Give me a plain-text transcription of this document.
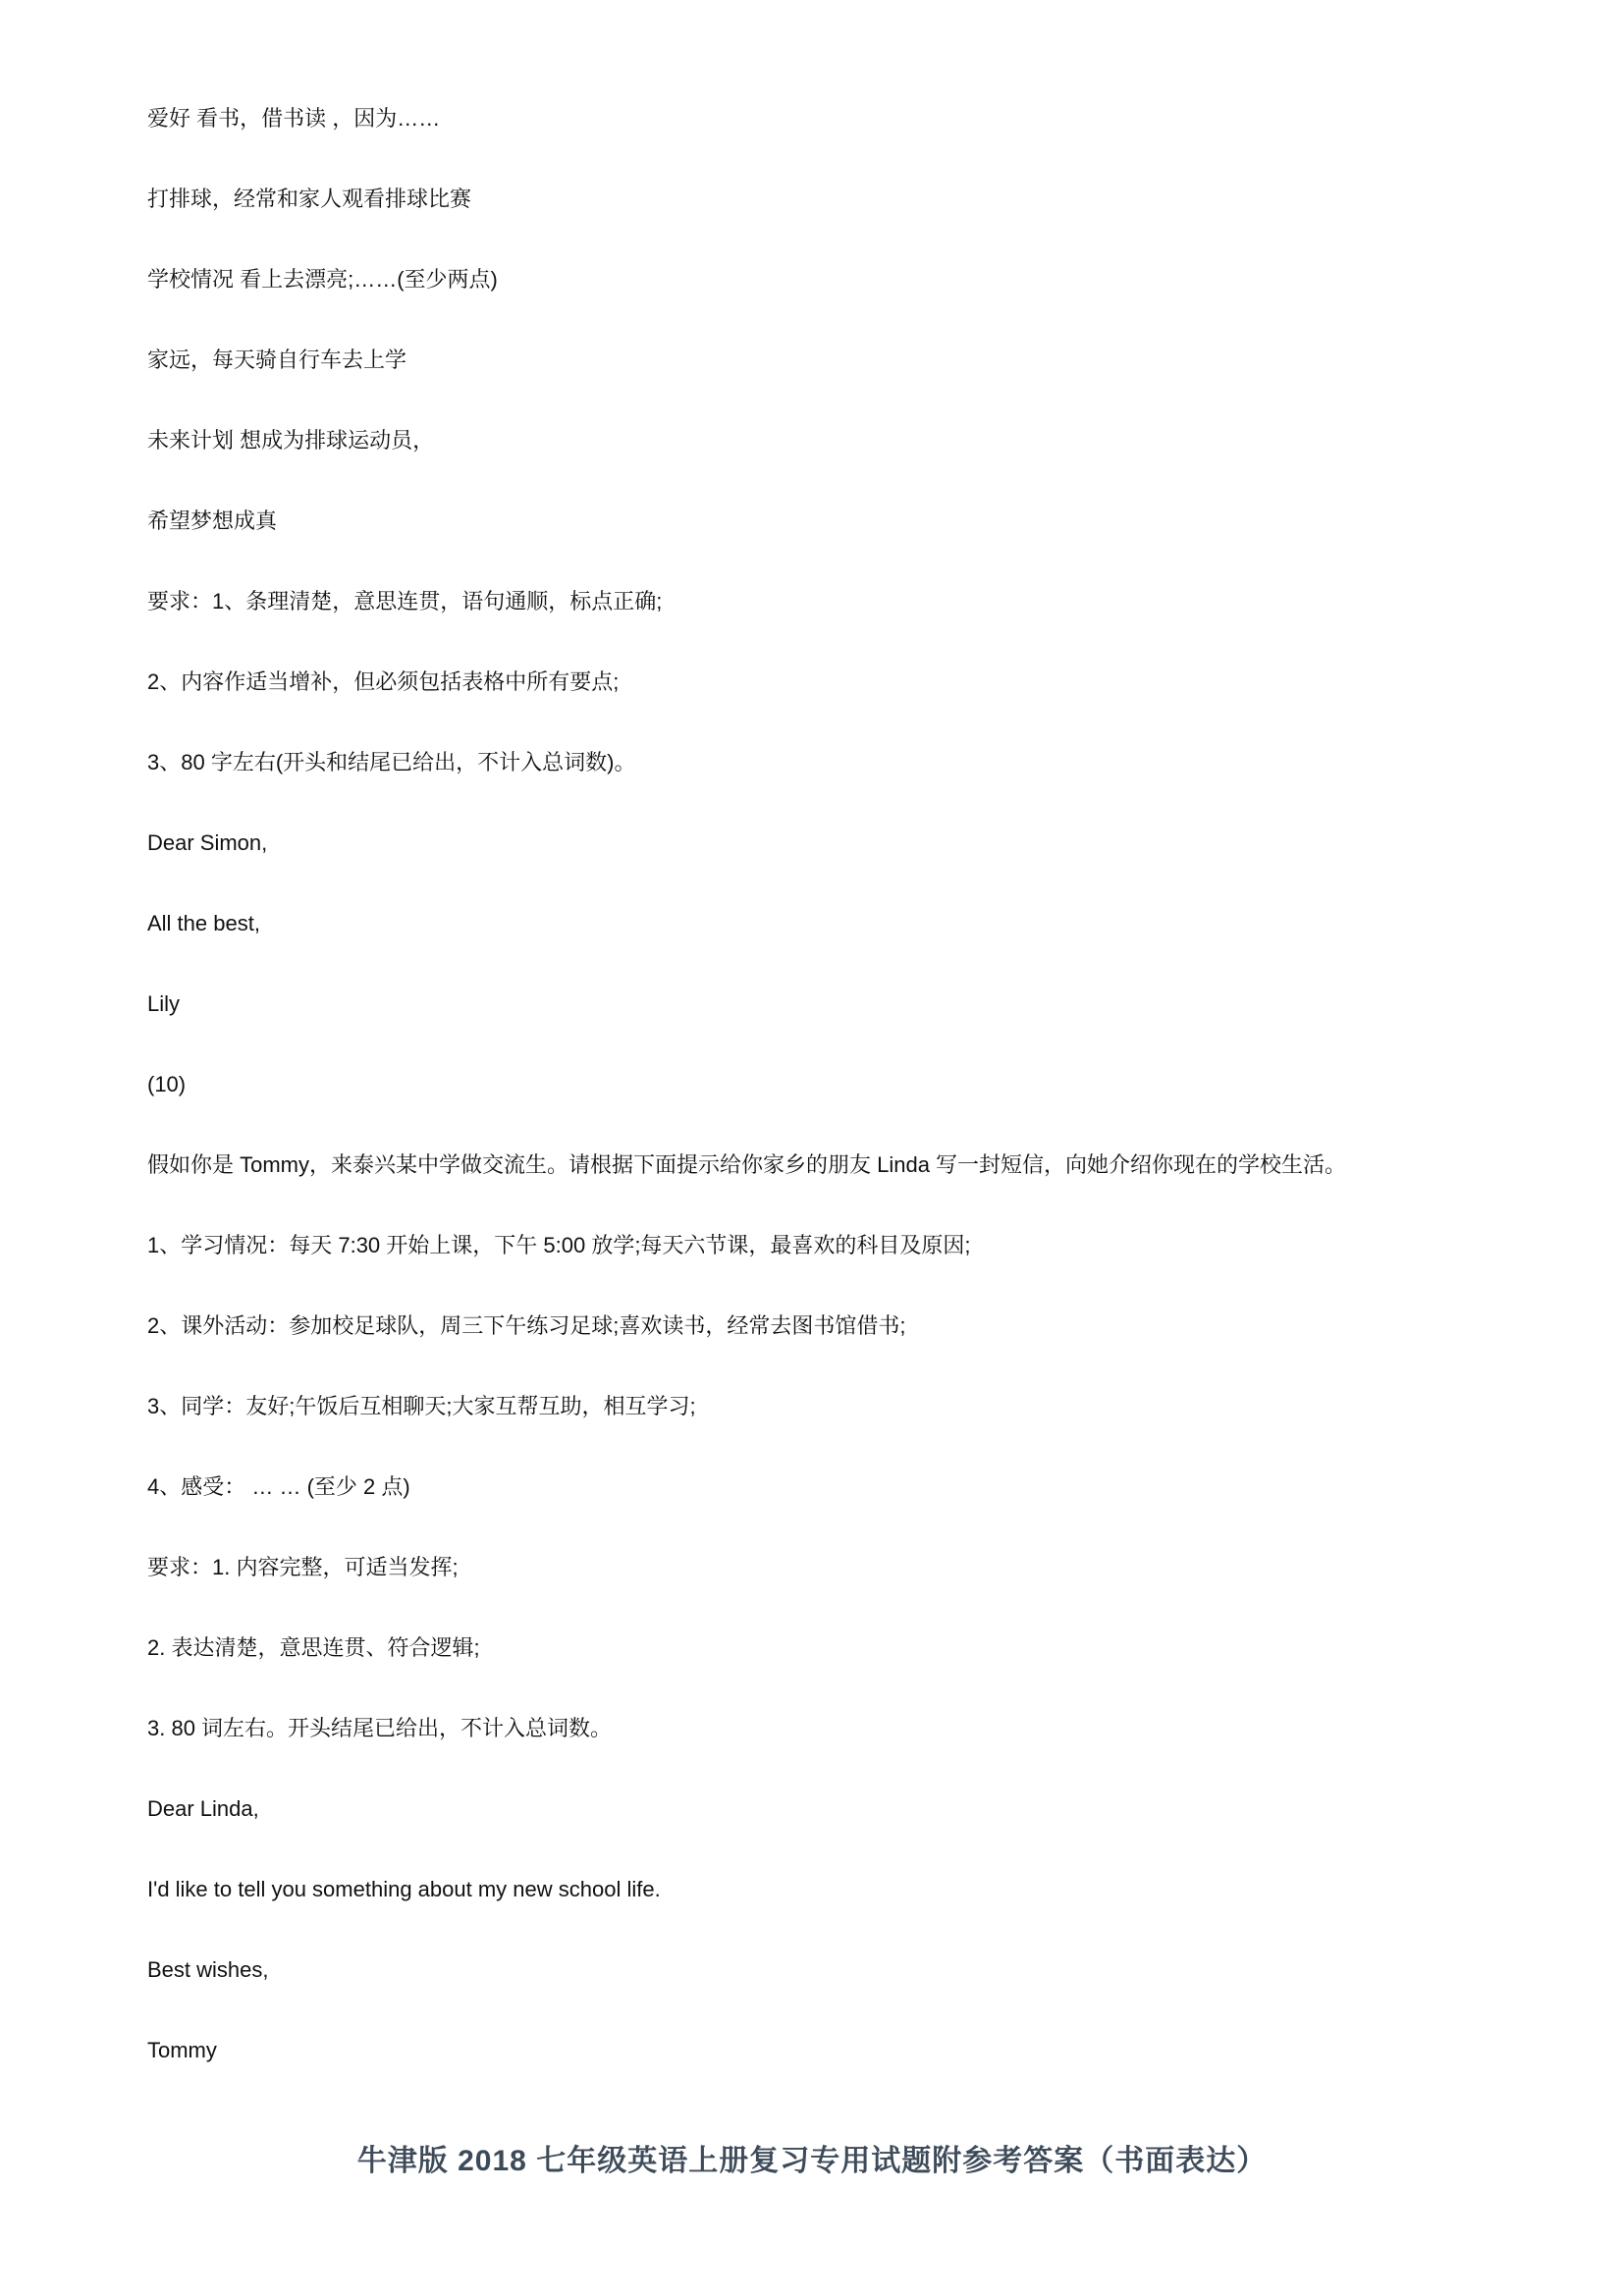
爱好 看书，借书读 ，因为……
打排球，经常和家人观看排球比赛
学校情况 看上去漂亮;……(至少两点)
家远，每天骑自行车去上学
未来计划 想成为排球运动员，
希望梦想成真
要求：1、条理清楚，意思连贯，语句通顺，标点正确;
2、内容作适当增补，但必须包括表格中所有要点;
3、80 字左右(开头和结尾已给出，不计入总词数)。
Dear Simon,
All the best,
Lily
(10)
假如你是 Tommy，来泰兴某中学做交流生。请根据下面提示给你家乡的朋友 Linda 写一封短信，向她介绍你现在的学校生活。
1、学习情况：每天 7:30 开始上课，下午 5:00 放学;每天六节课，最喜欢的科目及原因;
2、课外活动：参加校足球队，周三下午练习足球;喜欢读书，经常去图书馆借书;
3、同学：友好;午饭后互相聊天;大家互帮互助，相互学习;
4、感受： … … (至少 2 点)
要求：1. 内容完整，可适当发挥;
2. 表达清楚，意思连贯、符合逻辑;
3. 80 词左右。开头结尾已给出，不计入总词数。
Dear Linda,
I'd like to tell you something about my new school life.
Best wishes,
Tommy
牛津版 2018 七年级英语上册复习专用试题附参考答案（书面表达）
